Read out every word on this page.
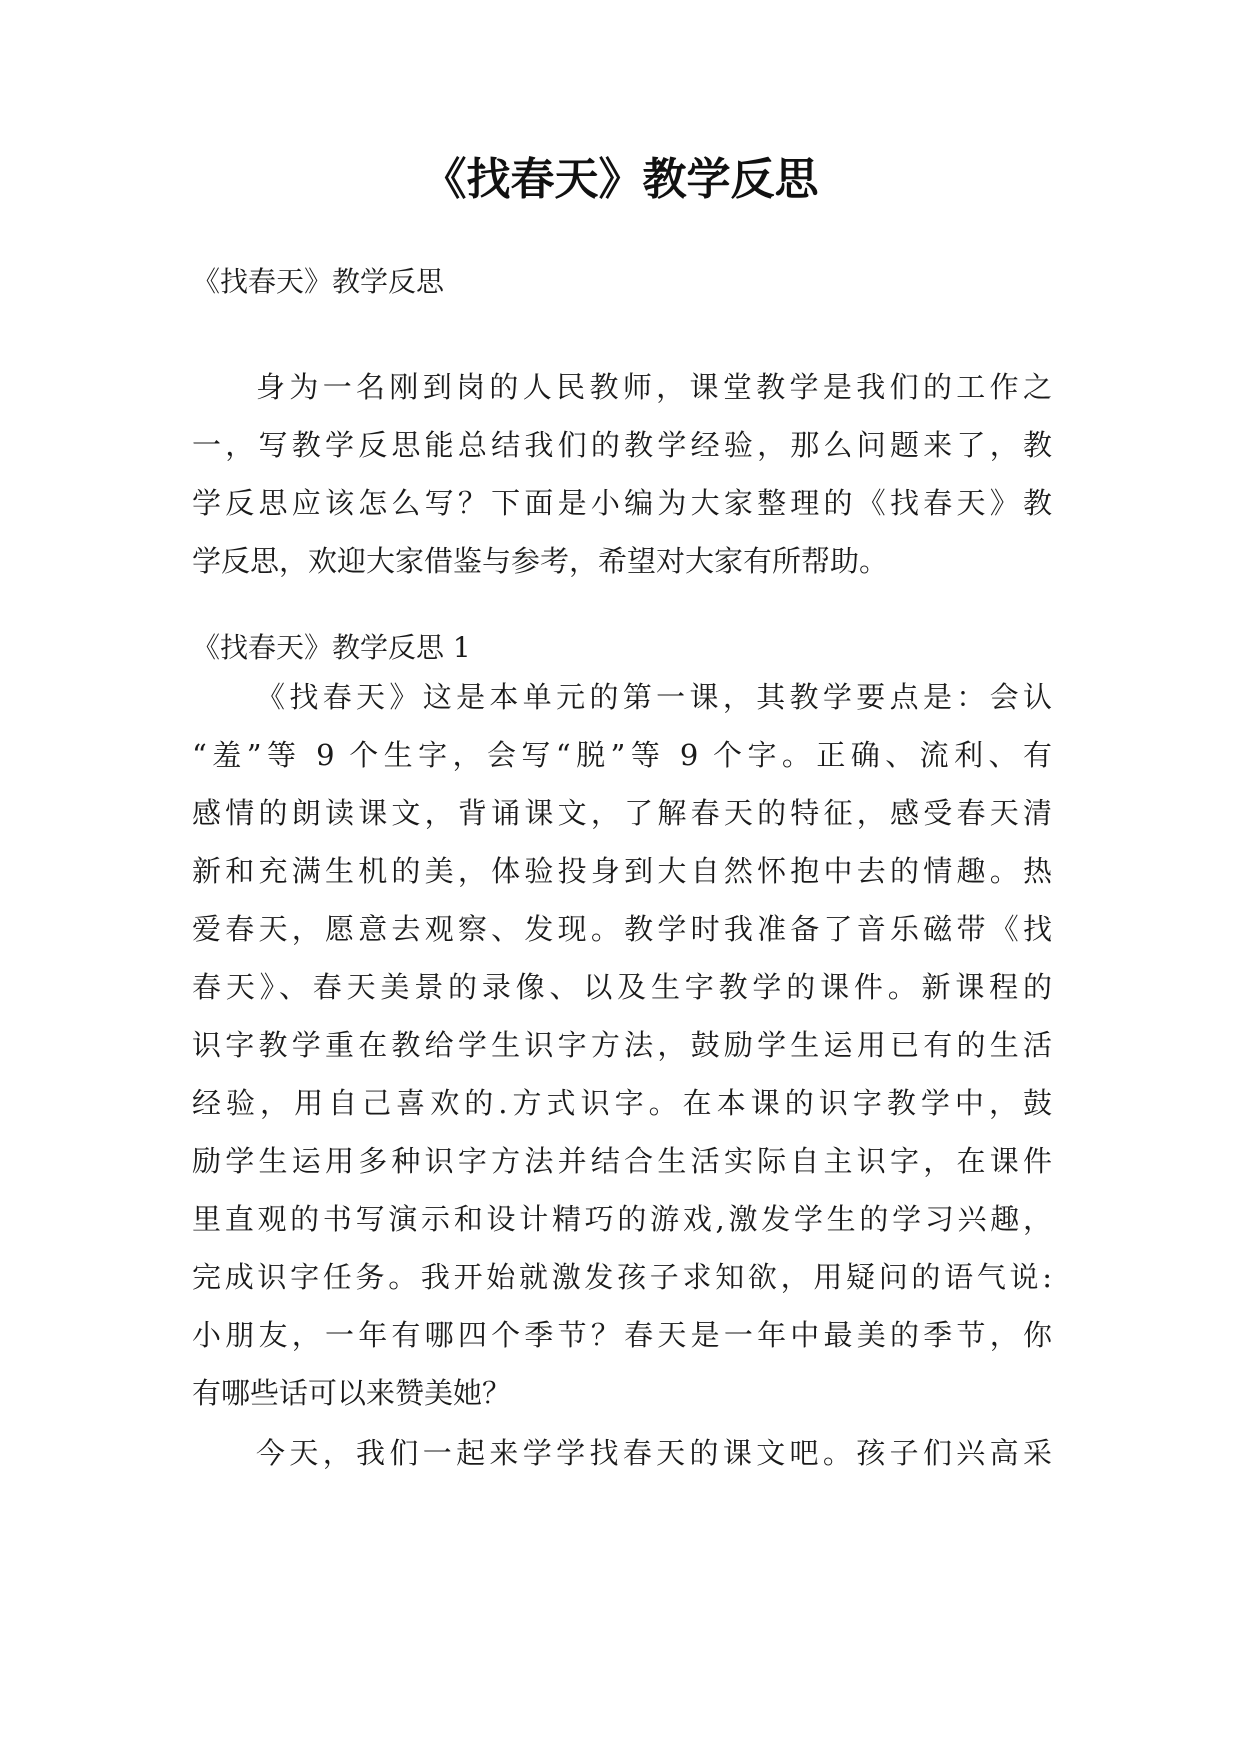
《找春天》教学反思

《找春天》教学反思

身为一名刚到岗的人民教师，课堂教学是我们的工作之
一，写教学反思能总结我们的教学经验，那么问题来了，教
学反思应该怎么写？下面是小编为大家整理的《找春天》教
学反思，欢迎大家借鉴与参考，希望对大家有所帮助。

《找春天》教学反思 1

《找春天》这是本单元的第一课，其教学要点是：会认
“羞”等 9 个生字，会写“脱”等 9 个字。正确、流利、有
感情的朗读课文，背诵课文，了解春天的特征，感受春天清
新和充满生机的美，体验投身到大自然怀抱中去的情趣。热
爱春天，愿意去观察、发现。教学时我准备了音乐磁带《找
春天》、春天美景的录像、以及生字教学的课件。新课程的
识字教学重在教给学生识字方法，鼓励学生运用已有的生活
经验，用自己喜欢的.方式识字。在本课的识字教学中，鼓
励学生运用多种识字方法并结合生活实际自主识字，在课件
里直观的书写演示和设计精巧的游戏,激发学生的学习兴趣，
完成识字任务。我开始就激发孩子求知欲，用疑问的语气说:
小朋友，一年有哪四个季节？春天是一年中最美的季节，你
有哪些话可以来赞美她？
今天，我们一起来学学找春天的课文吧。孩子们兴高采
